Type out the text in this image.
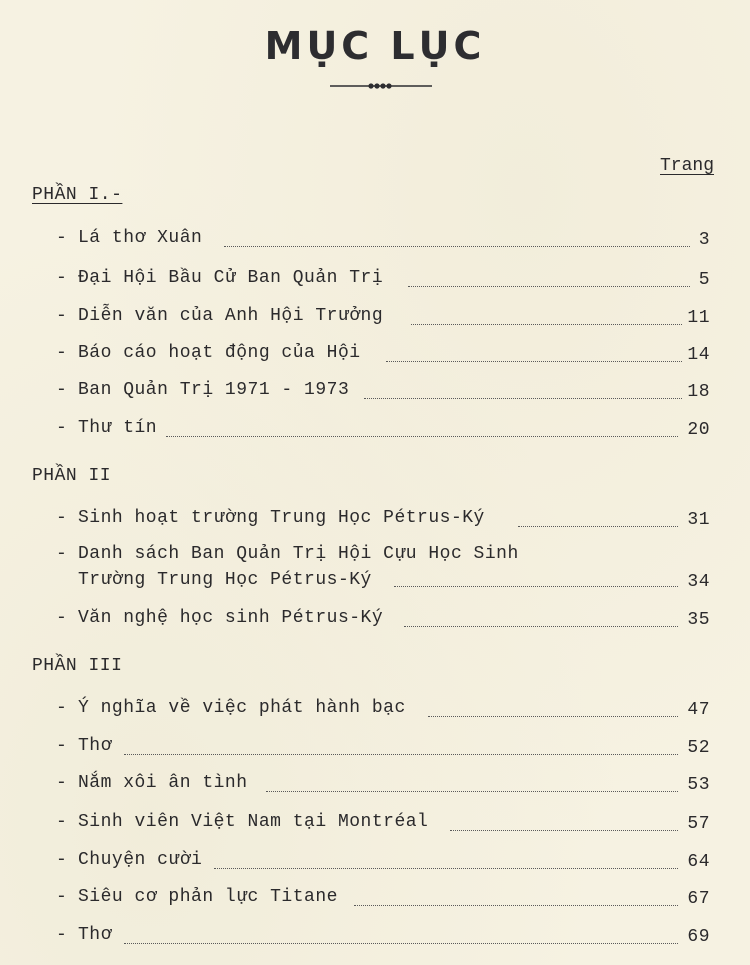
MỤC LỤC
Trang
PHẦN I.-
- Lá thơ Xuân	3
- Đại Hội Bầu Cử Ban Quản Trị	5
- Diễn văn của Anh Hội Trưởng	11
- Báo cáo hoạt động của Hội	14
- Ban Quản Trị 1971 - 1973	18
- Thư tín	20
PHẦN II
- Sinh hoạt trường Trung Học Pétrus-Ký	31
- Danh sách Ban Quản Trị Hội Cựu Học Sinh
Trường Trung Học Pétrus-Ký	34
- Văn nghệ học sinh Pétrus-Ký	35
PHẦN III
- Ý nghĩa về việc phát hành bạc	47
- Thơ	52
- Nắm xôi ân tình	53
- Sinh viên Việt Nam tại Montréal	57
- Chuyện cười	64
- Siêu cơ phản lực Titane	67
- Thơ	69
